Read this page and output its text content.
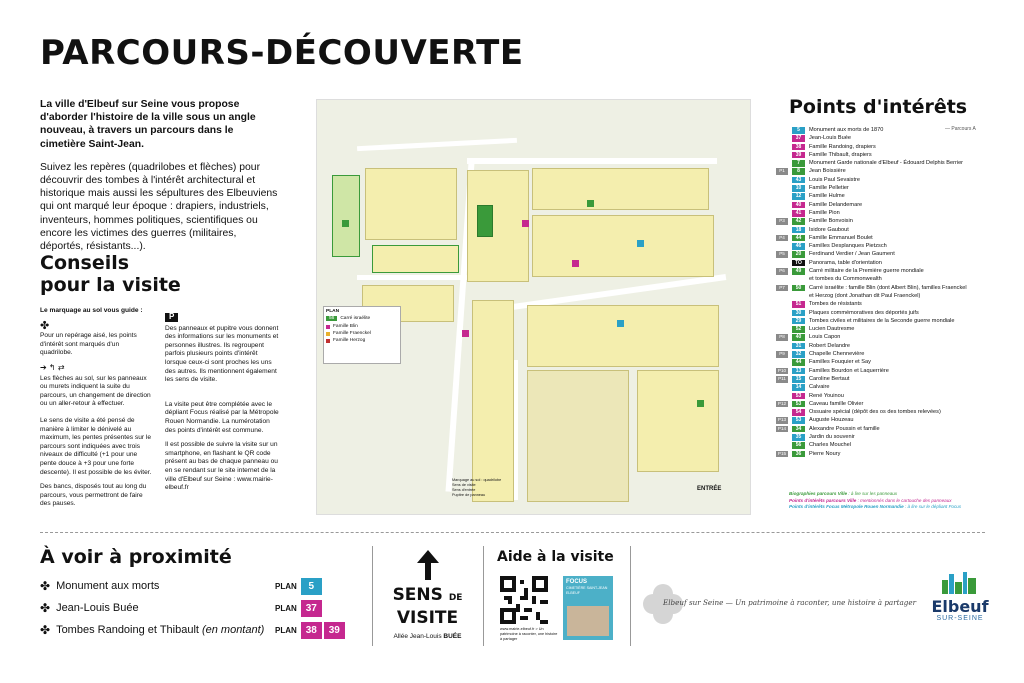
PARCOURS-DÉCOUVERTE

La ville d'Elbeuf sur Seine vous propose d'aborder l'histoire de la ville sous un angle nouveau, à travers un parcours dans le cimetière Saint-Jean.

Suivez les repères (quadrilobes et flèches) pour découvrir des tombes à l'intérêt architectural et historique mais aussi les sépultures des Elbeuviens qui ont marqué leur époque : drapiers, industriels, inventeurs, hommes politiques, scientifiques ou encore les victimes des guerres (militaires, déportés, résistants...).

Conseils
pour la visite

Le marquage au sol vous guide :

✤

Pour un repérage aisé, les points d'intérêt sont marqués d'un quadrilobe.

➔ ↰ ⇄

Les flèches au sol, sur les panneaux ou murets indiquent la suite du parcours, un changement de direction ou un aller-retour à effectuer.

Le sens de visite a été pensé de manière à limiter le dénivelé au maximum, les pentes présentes sur le parcours sont indiquées avec trois niveaux de difficulté (+1 pour une pente douce à +3 pour une forte descente). Il est possible de les éviter.

Des bancs, disposés tout au long du parcours, vous permettront de faire des pauses.

P

Des panneaux et pupitre vous donnent des informations sur les monuments et personnes illustres. Ils regroupent parfois plusieurs points d'intérêt lorsque ceux-ci sont proches les uns des autres. Ils mentionnent également les sens de visite.

La visite peut être complétée avec le dépliant Focus réalisé par la Métropole Rouen Normandie. La numérotation des points d'intérêt est commune.

Il est possible de suivre la visite sur un smartphone, en flashant le QR code présent au bas de chaque panneau ou en se rendant sur le site internet de la ville d'Elbeuf sur Seine : www.mairie-elbeuf.fr

PLAN
56	Carré israélite
Famille Blin
Famille Fraenckel
Famille Herzog
Marquage au sol : quadrilobe
Sens de visite
Sens d'entrée
Pupitre de panneau
ENTRÉE
Points d'intérêts
— Parcours A
5	Monument aux morts de 1870
37	Jean-Louis Buée
38	Famille Randoing, drapiers
39	Famille Thibault, drapiers
7	Monument Garde nationale d'Elbeuf - Édouard Delphis Berrier
P1	8	Jean Boissière
43	Louis Paul Sevaistre
10	Famille Pelletier
12	Famille Hulme
40	Famille Delandemare
41	Famille Pion
P3	42	Famille Bonvoisin
18	Isidore Gaubout
P4	44	Famille Emmanuel Boulet
46	Familles Desplanques Pietzsch
P5	20	Ferdinand Verdier / Jean Gaument
TO	Panorama, table d'orientation
P6	49	Carré militaire de la Première guerre mondiale
et tombes du Commonwealth
P7	50	Carré israélite : famille Blin (dont Albert Blin), familles Fraenckel
et Herzog (dont Jonathan dit Paul Fraenckel)
51	Tombes de résistants
30	Plaques commémoratives des déportés juifs
29	Tombes civiles et militaires de la Seconde guerre mondiale
52	Lucien Dautresme
P8	40	Louis Capon
31	Robert Delandre
P9	32	Chapelle Chennevière
44	Familles Fouquier et Say
P10	13	Familles Bourdon et Laquerrière
P11	15	Caroline Bertaut
14	Calvaire
53	René Youinou
P12	53	Caveau famille Olivier
54	Ossuaire spécial (dépôt des os des tombes relevées)
P13	53	Auguste Houzeau
P14	34	Alexandre Poussin et famille
35	Jardin du souvenir
56	Charles Mouchel
P15	36	Pierre Noury
Biographies parcours Ville : à lire sur les panneaux
Points d'intérêts parcours Ville : mentionnés dans le cartouche des panneaux
Points d'intérêts Focus Métropole Rouen Normandie : à lire sur le dépliant Focus
À voir à proximité
✤ Monument aux morts	PLAN	5
✤ Jean-Louis Buée	PLAN 37
✤ Tombes Randoing et Thibault (en montant) PLAN 38	39
SENS DE
VISITE
Allée Jean-Louis BUÉE
Aide à la visite
www.mairie-elbeuf.fr > Un patrimoine à raconter, une histoire à partager
FOCUS
CIMETIÈRE SAINT-JEAN ELBEUF
Elbeuf sur Seine — Un patrimoine à raconter, une histoire à partager Elbeuf
SUR-SEINE
